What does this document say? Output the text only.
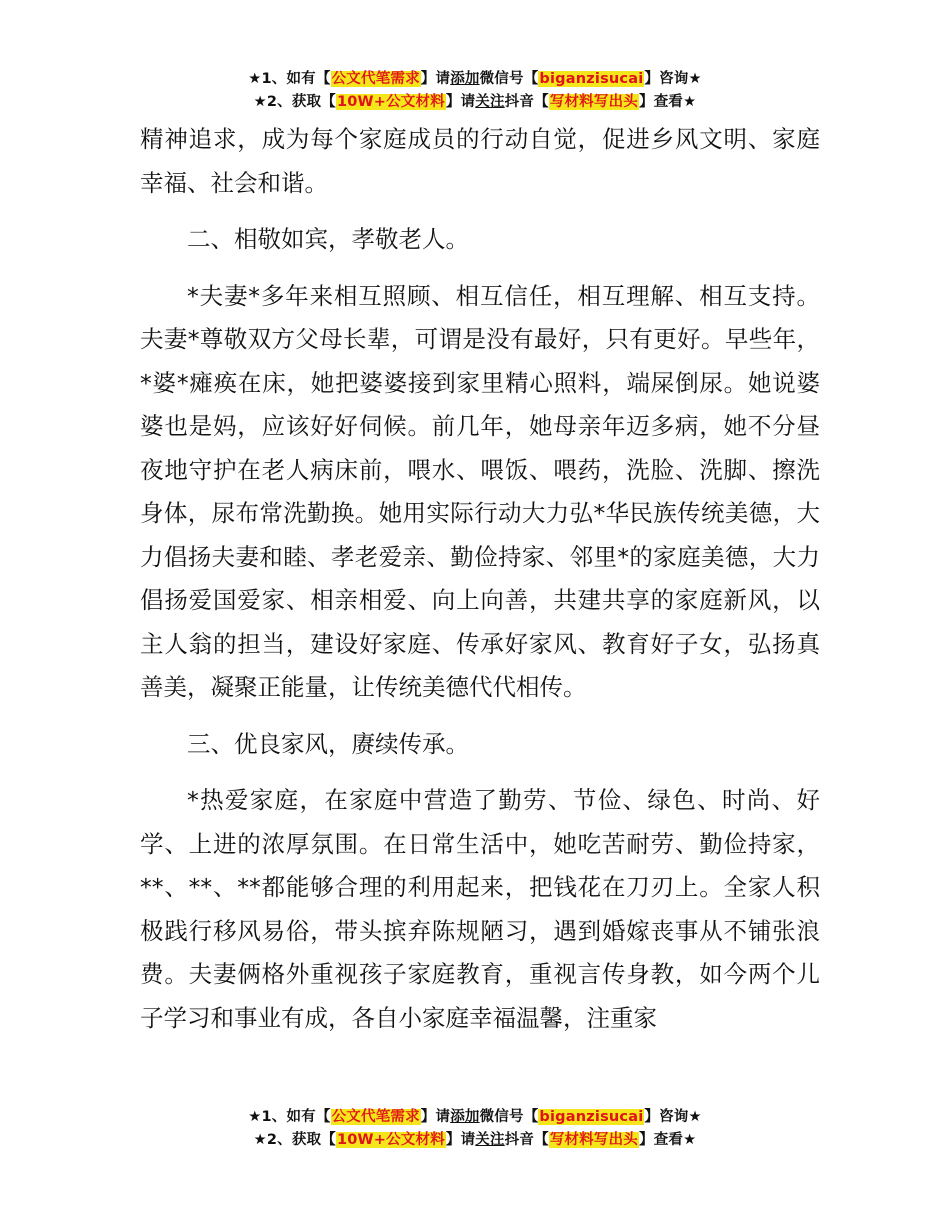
★1、如有【公文代笔需求】请添加微信号【biganzisucai】咨询★
★2、获取【10W+公文材料】请关注抖音【写材料写出头】查看★

精神追求，成为每个家庭成员的行动自觉，促进乡风文明、家庭幸福、社会和谐。

二、相敬如宾，孝敬老人。

*夫妻*多年来相互照顾、相互信任，相互理解、相互支持。夫妻*尊敬双方父母长辈，可谓是没有最好，只有更好。早些年，*婆*瘫痪在床，她把婆婆接到家里精心照料，端屎倒尿。她说婆婆也是妈，应该好好伺候。前几年，她母亲年迈多病，她不分昼夜地守护在老人病床前，喂水、喂饭、喂药，洗脸、洗脚、擦洗身体，尿布常洗勤换。她用实际行动大力弘*华民族传统美德，大力倡扬夫妻和睦、孝老爱亲、勤俭持家、邻里*的家庭美德，大力倡扬爱国爱家、相亲相爱、向上向善，共建共享的家庭新风，以主人翁的担当，建设好家庭、传承好家风、教育好子女，弘扬真善美，凝聚正能量，让传统美德代代相传。

三、优良家风，赓续传承。

*热爱家庭，在家庭中营造了勤劳、节俭、绿色、时尚、好学、上进的浓厚氛围。在日常生活中，她吃苦耐劳、勤俭持家，**、**、**都能够合理的利用起来，把钱花在刀刃上。全家人积极践行移风易俗，带头摈弃陈规陋习，遇到婚嫁丧事从不铺张浪费。夫妻俩格外重视孩子家庭教育，重视言传身教，如今两个儿子学习和事业有成，各自小家庭幸福温馨，注重家

★1、如有【公文代笔需求】请添加微信号【biganzisucai】咨询★
★2、获取【10W+公文材料】请关注抖音【写材料写出头】查看★
